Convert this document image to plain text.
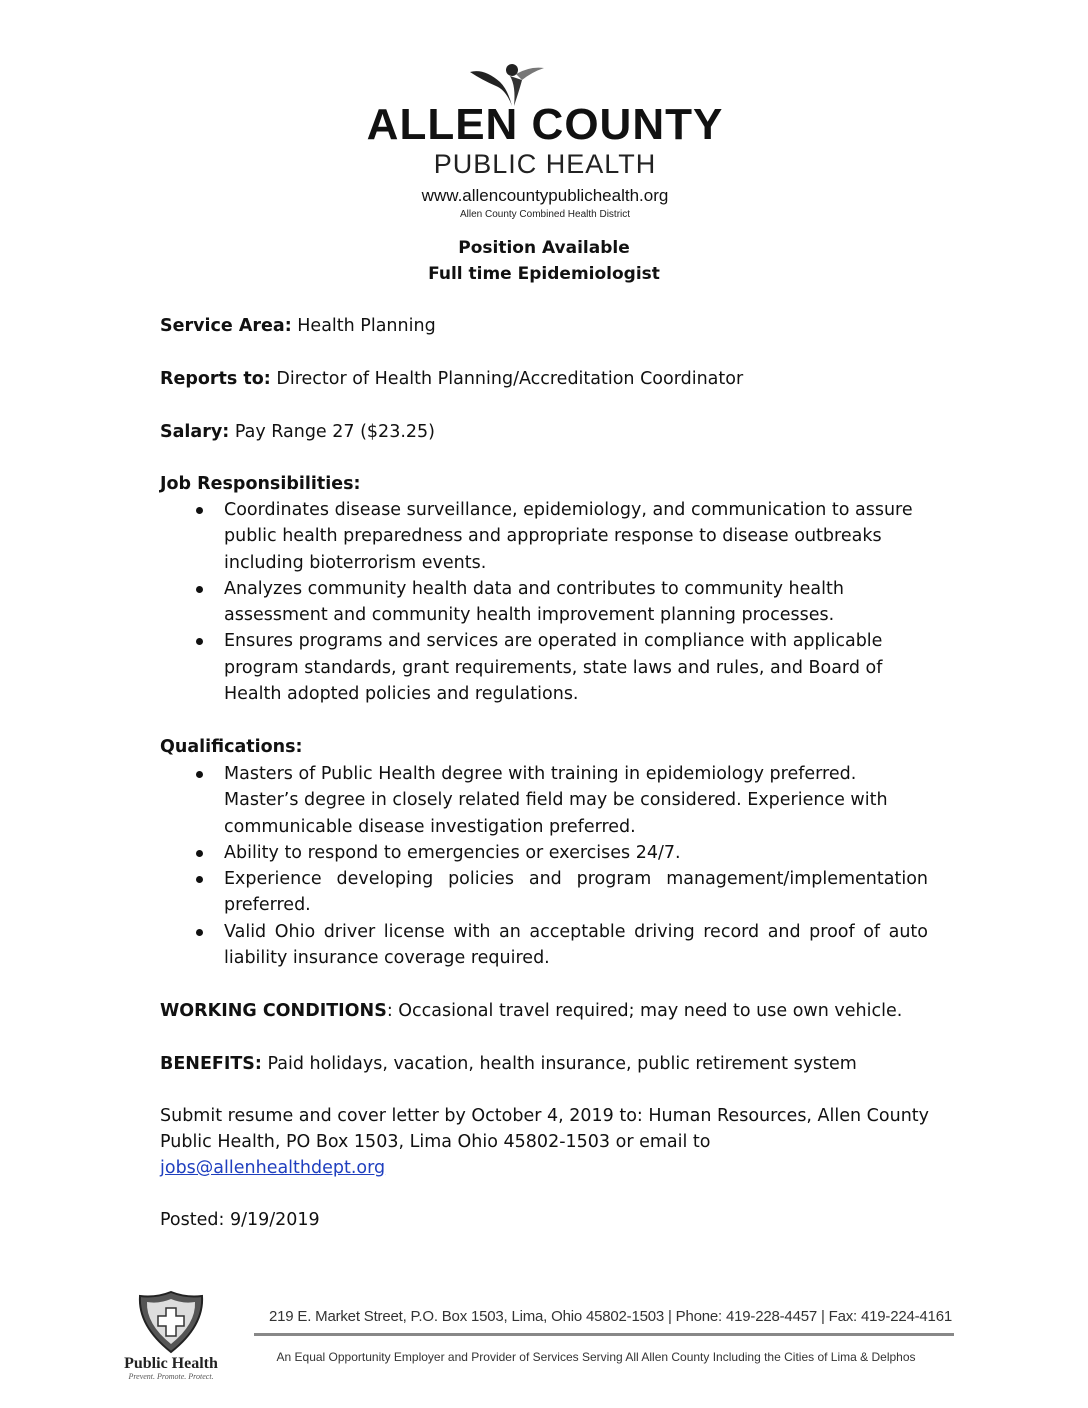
ALLEN COUNTY
PUBLIC HEALTH
www.allencountypublichealth.org
Allen County Combined Health District
Position Available
Full time Epidemiologist
Service Area: Health Planning
Reports to: Director of Health Planning/Accreditation Coordinator
Salary: Pay Range 27 ($23.25)
Job Responsibilities:
Coordinates disease surveillance, epidemiology, and communication to assure public health preparedness and appropriate response to disease outbreaks including bioterrorism events.
Analyzes community health data and contributes to community health assessment and community health improvement planning processes.
Ensures programs and services are operated in compliance with applicable program standards, grant requirements, state laws and rules, and Board of Health adopted policies and regulations.
Qualifications:
Masters of Public Health degree with training in epidemiology preferred. Master’s degree in closely related field may be considered. Experience with communicable disease investigation preferred.
Ability to respond to emergencies or exercises 24/7.
Experience developing policies and program management/implementation preferred.
Valid Ohio driver license with an acceptable driving record and proof of auto liability insurance coverage required.
WORKING CONDITIONS: Occasional travel required; may need to use own vehicle.
BENEFITS: Paid holidays, vacation, health insurance, public retirement system
Submit resume and cover letter by October 4, 2019 to: Human Resources, Allen County Public Health, PO Box 1503, Lima Ohio 45802-1503 or email to
jobs@allenhealthdept.org
Posted: 9/19/2019
Public Health
Prevent. Promote. Protect.
219 E. Market Street, P.O. Box 1503, Lima, Ohio 45802-1503 | Phone: 419-228-4457 | Fax: 419-224-4161
An Equal Opportunity Employer and Provider of Services Serving All Allen County Including the Cities of Lima & Delphos
